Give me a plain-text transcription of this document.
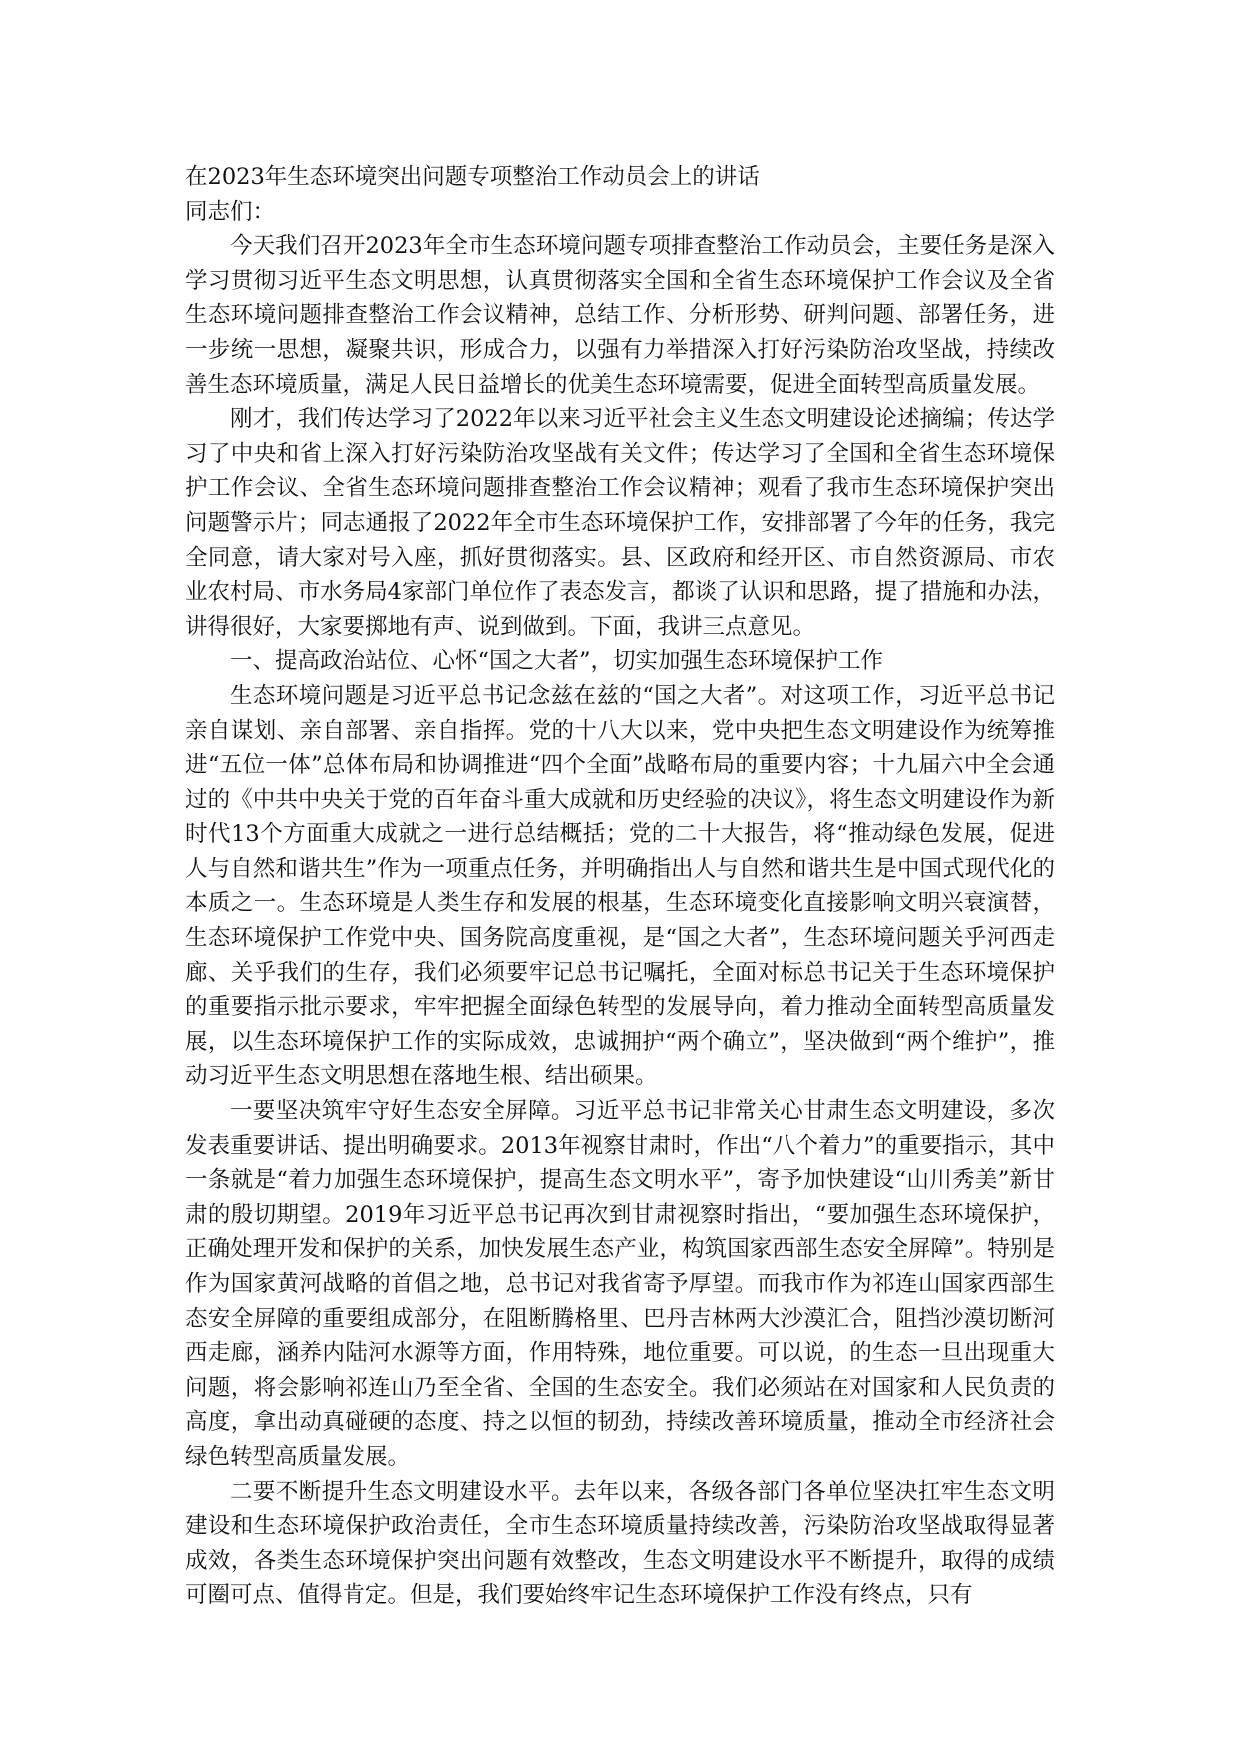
在2023年生态环境突出问题专项整治工作动员会上的讲话

同志们：

今天我们召开2023年全市生态环境问题专项排查整治工作动员会，主要任务是深入学习贯彻习近平生态文明思想，认真贯彻落实全国和全省生态环境保护工作会议及全省生态环境问题排查整治工作会议精神，总结工作、分析形势、研判问题、部署任务，进一步统一思想，凝聚共识，形成合力，以强有力举措深入打好污染防治攻坚战，持续改善生态环境质量，满足人民日益增长的优美生态环境需要，促进全面转型高质量发展。

刚才，我们传达学习了2022年以来习近平社会主义生态文明建设论述摘编；传达学习了中央和省上深入打好污染防治攻坚战有关文件；传达学习了全国和全省生态环境保护工作会议、全省生态环境问题排查整治工作会议精神；观看了我市生态环境保护突出问题警示片；同志通报了2022年全市生态环境保护工作，安排部署了今年的任务，我完全同意，请大家对号入座，抓好贯彻落实。县、区政府和经开区、市自然资源局、市农业农村局、市水务局4家部门单位作了表态发言，都谈了认识和思路，提了措施和办法，讲得很好，大家要掷地有声、说到做到。下面，我讲三点意见。

一、提高政治站位、心怀“国之大者”，切实加强生态环境保护工作

生态环境问题是习近平总书记念兹在兹的“国之大者”。对这项工作，习近平总书记亲自谋划、亲自部署、亲自指挥。党的十八大以来，党中央把生态文明建设作为统筹推进“五位一体”总体布局和协调推进“四个全面”战略布局的重要内容；十九届六中全会通过的《中共中央关于党的百年奋斗重大成就和历史经验的决议》，将生态文明建设作为新时代13个方面重大成就之一进行总结概括；党的二十大报告，将“推动绿色发展，促进人与自然和谐共生”作为一项重点任务，并明确指出人与自然和谐共生是中国式现代化的本质之一。生态环境是人类生存和发展的根基，生态环境变化直接影响文明兴衰演替，生态环境保护工作党中央、国务院高度重视，是“国之大者”，生态环境问题关乎河西走廊、关乎我们的生存，我们必须要牢记总书记嘱托，全面对标总书记关于生态环境保护的重要指示批示要求，牢牢把握全面绿色转型的发展导向，着力推动全面转型高质量发展，以生态环境保护工作的实际成效，忠诚拥护“两个确立”，坚决做到“两个维护”，推动习近平生态文明思想在落地生根、结出硕果。

一要坚决筑牢守好生态安全屏障。习近平总书记非常关心甘肃生态文明建设，多次发表重要讲话、提出明确要求。2013年视察甘肃时，作出“八个着力”的重要指示，其中一条就是“着力加强生态环境保护，提高生态文明水平”，寄予加快建设“山川秀美”新甘肃的殷切期望。2019年习近平总书记再次到甘肃视察时指出，“要加强生态环境保护，正确处理开发和保护的关系，加快发展生态产业，构筑国家西部生态安全屏障”。特别是作为国家黄河战略的首倡之地，总书记对我省寄予厚望。而我市作为祁连山国家西部生态安全屏障的重要组成部分，在阻断腾格里、巴丹吉林两大沙漠汇合，阻挡沙漠切断河西走廊，涵养内陆河水源等方面，作用特殊，地位重要。可以说，的生态一旦出现重大问题，将会影响祁连山乃至全省、全国的生态安全。我们必须站在对国家和人民负责的高度，拿出动真碰硬的态度、持之以恒的韧劲，持续改善环境质量，推动全市经济社会绿色转型高质量发展。

二要不断提升生态文明建设水平。去年以来，各级各部门各单位坚决扛牢生态文明建设和生态环境保护政治责任，全市生态环境质量持续改善，污染防治攻坚战取得显著成效，各类生态环境保护突出问题有效整改，生态文明建设水平不断提升，取得的成绩可圈可点、值得肯定。但是，我们要始终牢记生态环境保护工作没有终点，只有
